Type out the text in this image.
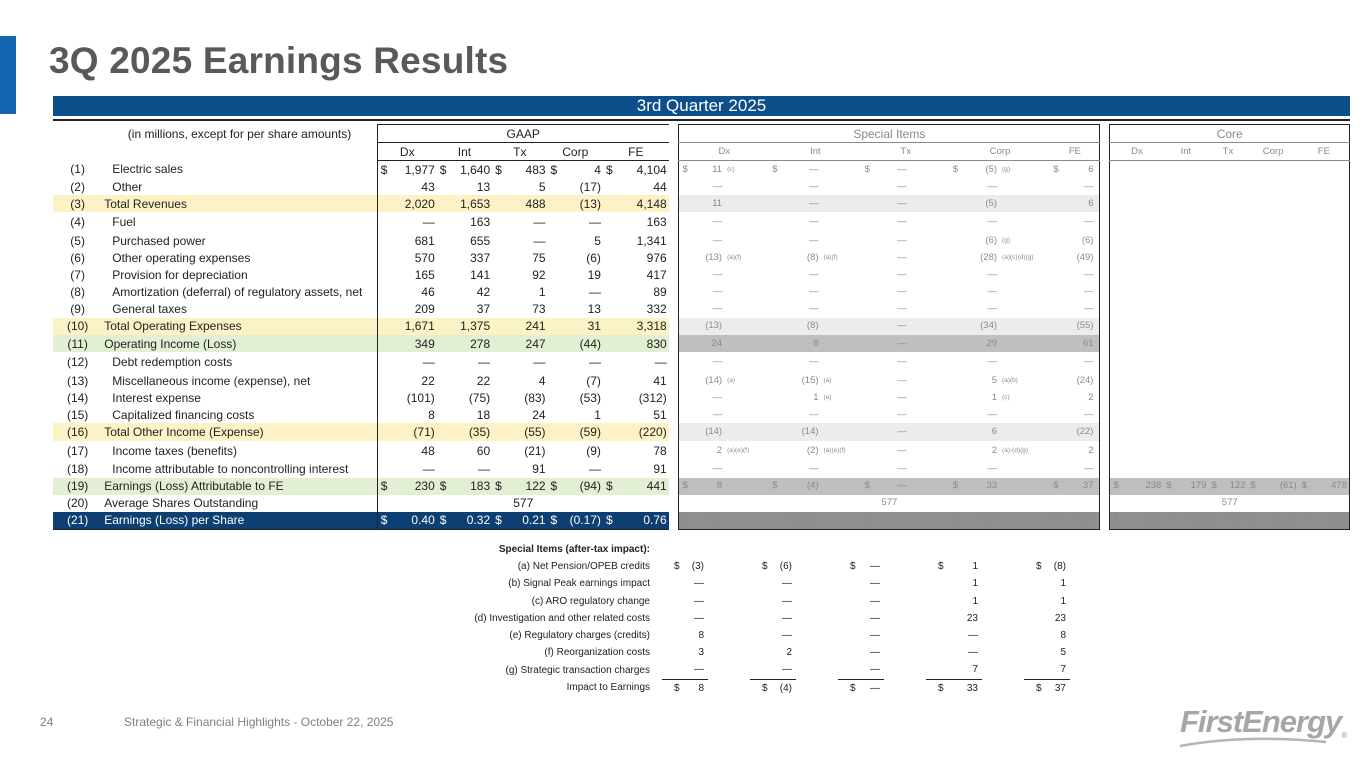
3Q 2025 Earnings Results
3rd Quarter 2025
	(in millions, except for per share amounts)	GAAP											Special Items																Core									
		Dx		Int		Tx		Corp		FE			Dx			Int			Tx			Corp			FE				Dx		Int		Tx		Corp		FE	
(1)	Electric sales	$	1,977	$	1,640	$	483	$	4	$	4,104		$	11	$^{(c)}$	$	—		$	—		$	(5)	$^{(g)}$	$	6												
(2)	Other		43		13		5		(17)		44			—			—			—			—			—												
(3)	Total Revenues		2,020		1,653		488		(13)		4,148			11			—			—			(5)			6												
(4)	Fuel		—		163		—		—		163			—			—			—			—			—												
(5)	Purchased power		681		655		—		5		1,341			—			—			—			(6)	$^{(g)}$		(6)												
(6)	Other operating expenses		570		337		75		(6)		976			(13)	$^{(a)(f)}$		(8)	$^{(a)(f)}$		—			(28)	$^{(a)(c)(d)(g)}$		(49)												
(7)	Provision for depreciation		165		141		92		19		417			—			—			—			—			—												
(8)	Amortization (deferral) of regulatory assets, net		46		42		1		—		89			—			—			—			—			—												
(9)	General taxes		209		37		73		13		332			—			—			—			—			—												
(10)	Total Operating Expenses		1,671		1,375		241		31		3,318			(13)			(8)			—			(34)			(55)												
(11)	Operating Income (Loss)		349		278		247		(44)		830			24			8			—			29			61												
(12)	Debt redemption costs		—		—		—		—		—			—			—			—			—			—												
(13)	Miscellaneous income (expense), net		22		22		4		(7)		41			(14)	$^{(a)}$		(15)	$^{(a)}$		—			5	$^{(a)(b)}$		(24)												
(14)	Interest expense		(101)		(75)		(83)		(53)		(312)			—			1	$^{(e)}$		—			1	$^{(c)}$		2												
(15)	Capitalized financing costs		8		18		24		1		51			—			—			—			—			—												
(16)	Total Other Income (Expense)		(71)		(35)		(55)		(59)		(220)			(14)			(14)			—			6			(22)												
(17)	Income taxes (benefits)		48		60		(21)		(9)		78			2	$^{(a)(e)(f)}$		(2)	$^{(a)(e)(f)}$		—			2	$^{(a)-(d)(g)}$		2												
(18)	Income attributable to noncontrolling interest		—		—		91		—		91			—			—			—			—			—												
(19)	Earnings (Loss) Attributable to FE	$	230	$	183	$	122	$	(94)	$	441		$	8		$	(4)		$	—		$	33		$	37			$	238	$	179	$	122	$	(61)	$	478
(20)	Average Shares Outstanding	577											577																577									
(21)	Earnings (Loss) per Share	$	0.40	$	0.32	$	0.21	$	(0.17)	$	0.76		$	0.01			$(0.01)		$	—		$	0.07		$	0.07			$	0.41	$	0.31	$	0.21	$	(0.10)	$	0.83
Special Items (after-tax impact):														
(a) Net Pension/OPEB credits	$	(3)		$	(6)		$	—		$	1		$	(8)
(b) Signal Peak earnings impact		—			—			—			1			1
(c) ARO regulatory change		—			—			—			1			1
(d) Investigation and other related costs		—			—			—			23			23
(e) Regulatory charges (credits)		8			—			—			—			8
(f) Reorganization costs		3			2			—			—			5
(g) Strategic transaction charges		—			—			—			7			7
Impact to Earnings	$	8		$	(4)		$	—		$	33		$	37
24	Strategic & Financial Highlights - October 22, 2025	FirstEnergy®
